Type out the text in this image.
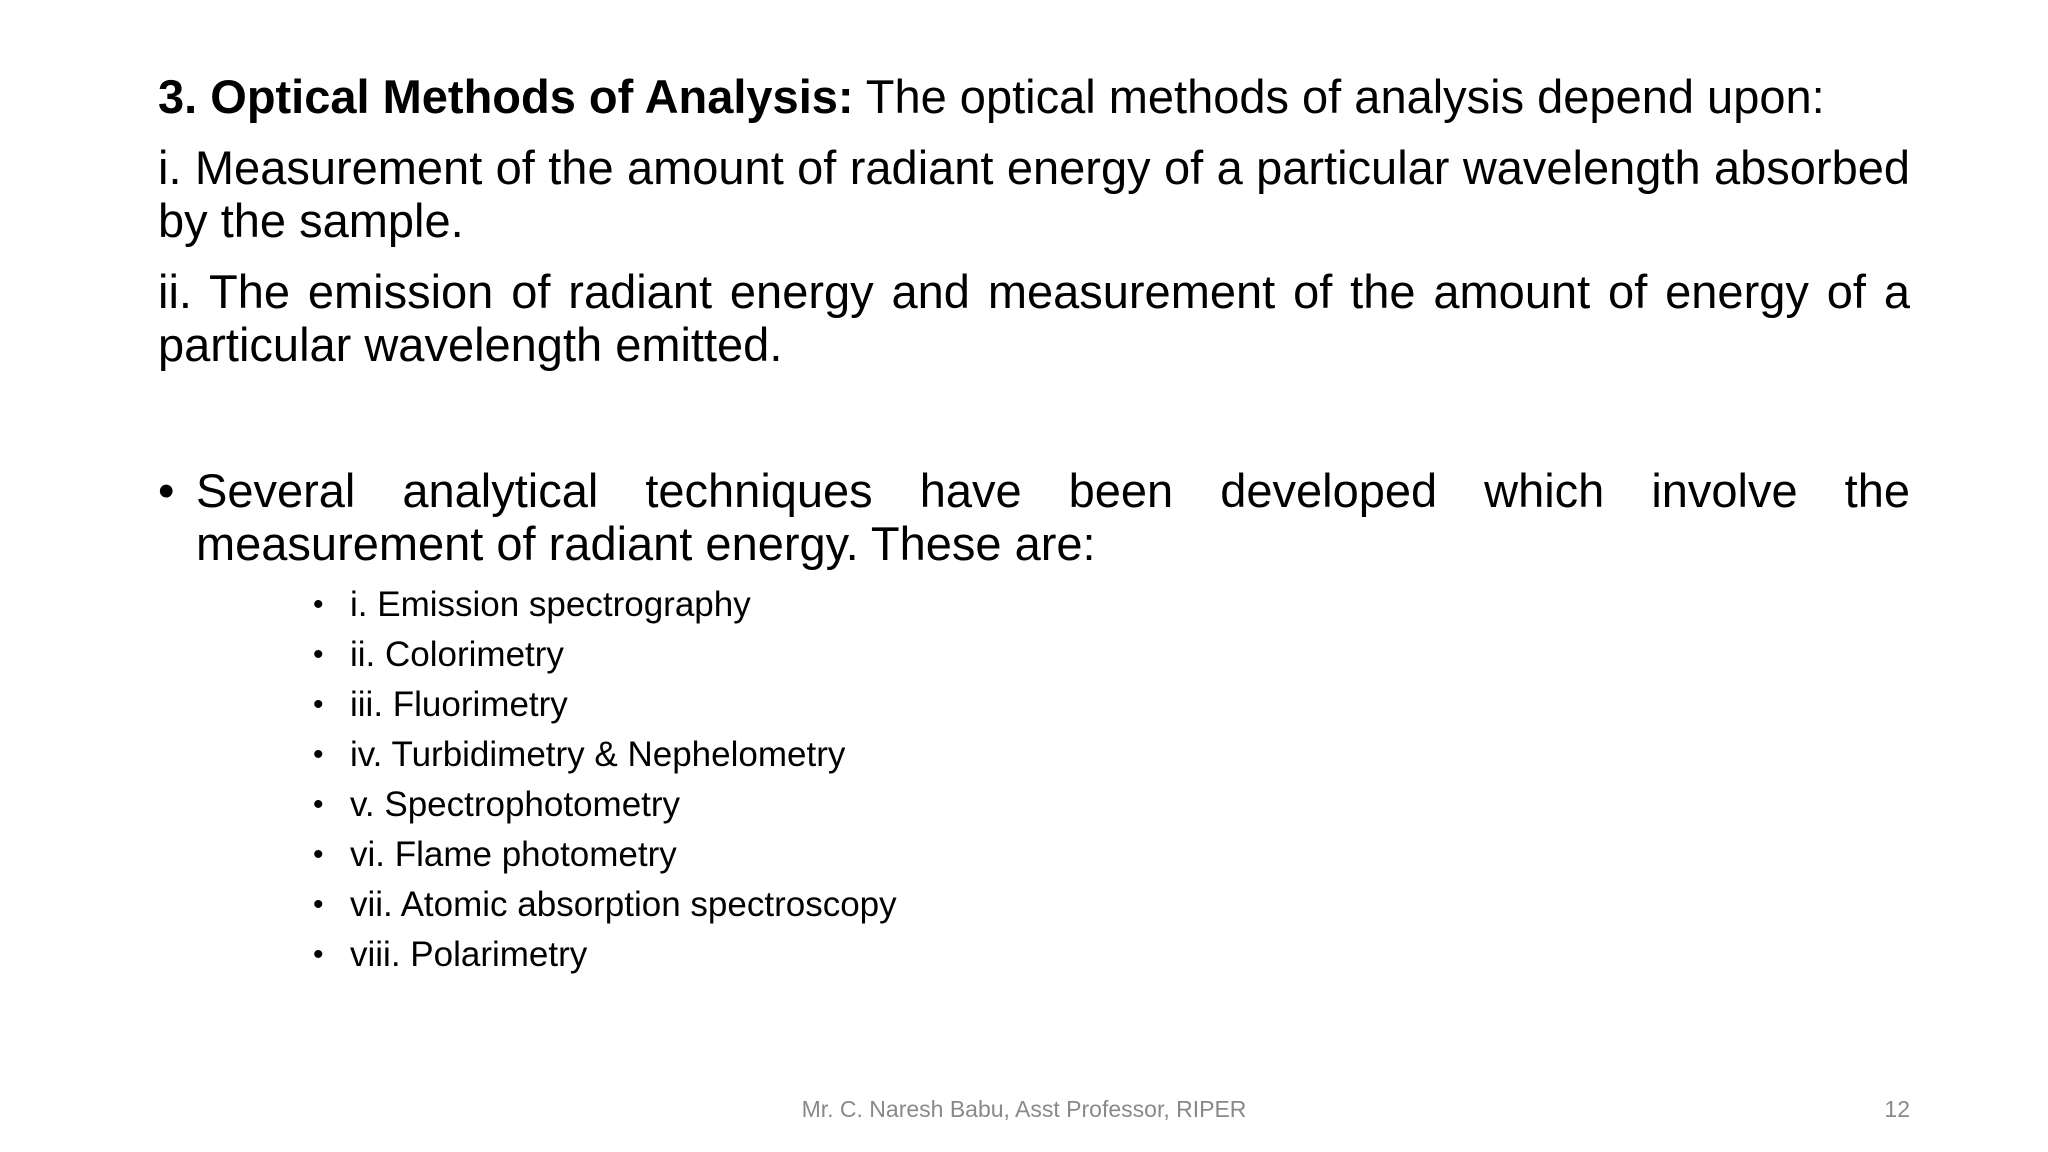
3. Optical Methods of Analysis: The optical methods of analysis depend upon:

i. Measurement of the amount of radiant energy of a particular wavelength absorbed by the sample.

ii. The emission of radiant energy and measurement of the amount of energy of a particular wavelength emitted.

• Several analytical techniques have been developed which involve the measurement of radiant energy. These are:
• i. Emission spectrography
• ii. Colorimetry
• iii. Fluorimetry
• iv. Turbidimetry & Nephelometry
• v. Spectrophotometry
• vi. Flame photometry
• vii. Atomic absorption spectroscopy
• viii. Polarimetry
Mr. C. Naresh Babu, Asst Professor, RIPER	12
